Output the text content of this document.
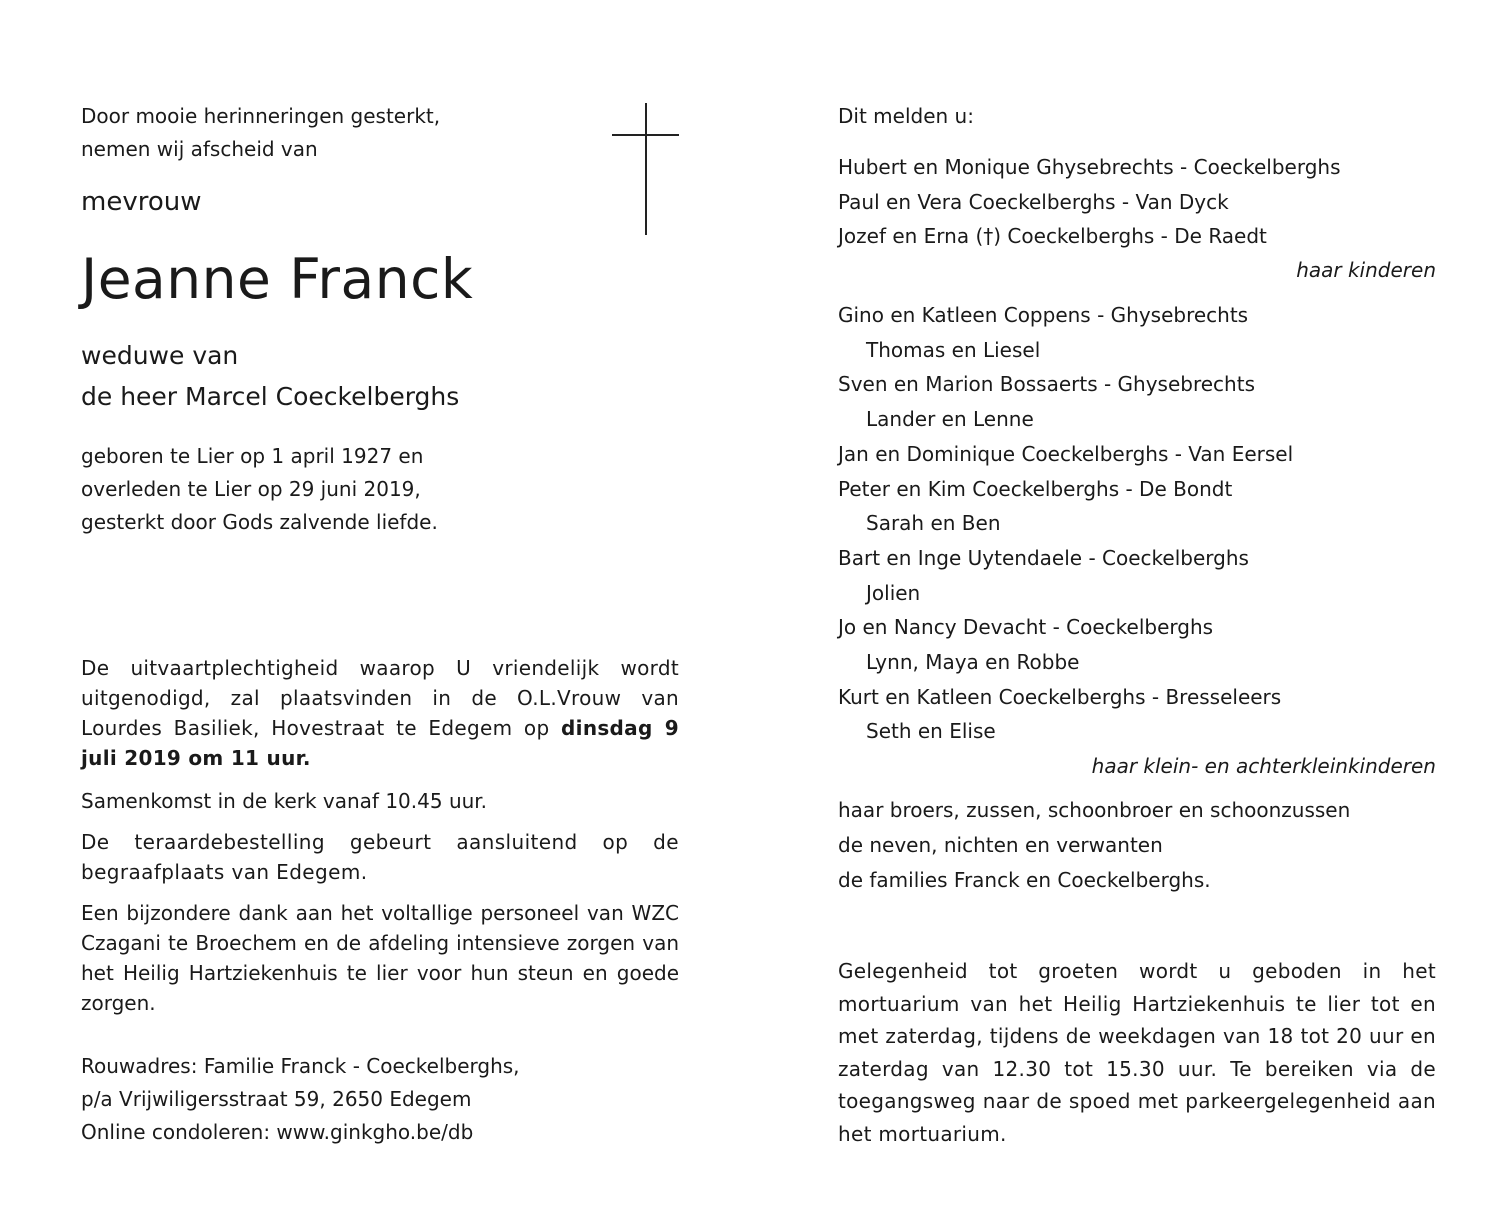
Door mooie herinneringen gesterkt,

nemen wij afscheid van

mevrouw
Jeanne Franck

weduwe van

de heer Marcel Coeckelberghs

geboren te Lier op 1 april 1927 en

overleden te Lier op 29 juni 2019,

gesterkt door Gods zalvende liefde.

De uitvaartplechtigheid waarop U vriendelijk wordt uitgenodigd, zal plaatsvinden in de O.L.Vrouw van Lourdes Basiliek, Hovestraat te Edegem op dinsdag 9 juli 2019 om 11 uur.

Samenkomst in de kerk vanaf 10.45 uur.

De teraardebestelling gebeurt aansluitend op de begraafplaats van Edegem.

Een bijzondere dank aan het voltallige personeel van WZC Czagani te Broechem en de afdeling intensieve zorgen van het Heilig Hartziekenhuis te lier voor hun steun en goede zorgen.

Rouwadres: Familie Franck - Coeckelberghs,

p/a Vrijwiligersstraat 59, 2650 Edegem

Online condoleren: www.ginkgho.be/db

Dit melden u:

Hubert en Monique Ghysebrechts - Coeckelberghs

Paul en Vera Coeckelberghs - Van Dyck

Jozef en Erna (†) Coeckelberghs - De Raedt

haar kinderen

Gino en Katleen Coppens - Ghysebrechts

Thomas en Liesel

Sven en Marion Bossaerts - Ghysebrechts

Lander en Lenne

Jan en Dominique Coeckelberghs - Van Eersel

Peter en Kim Coeckelberghs - De Bondt

Sarah en Ben

Bart en Inge Uytendaele - Coeckelberghs

Jolien

Jo en Nancy Devacht - Coeckelberghs

Lynn, Maya en Robbe

Kurt en Katleen Coeckelberghs - Bresseleers

Seth en Elise

haar klein- en achterkleinkinderen

haar broers, zussen, schoonbroer en schoonzussen

de neven, nichten en verwanten

de families Franck en Coeckelberghs.

Gelegenheid tot groeten wordt u geboden in het mortuarium van het Heilig Hartziekenhuis te lier tot en met zaterdag, tijdens de weekdagen van 18 tot 20 uur en zaterdag van 12.30 tot 15.30 uur. Te bereiken via de toegangsweg naar de spoed met parkeergelegenheid aan het mortuarium.
